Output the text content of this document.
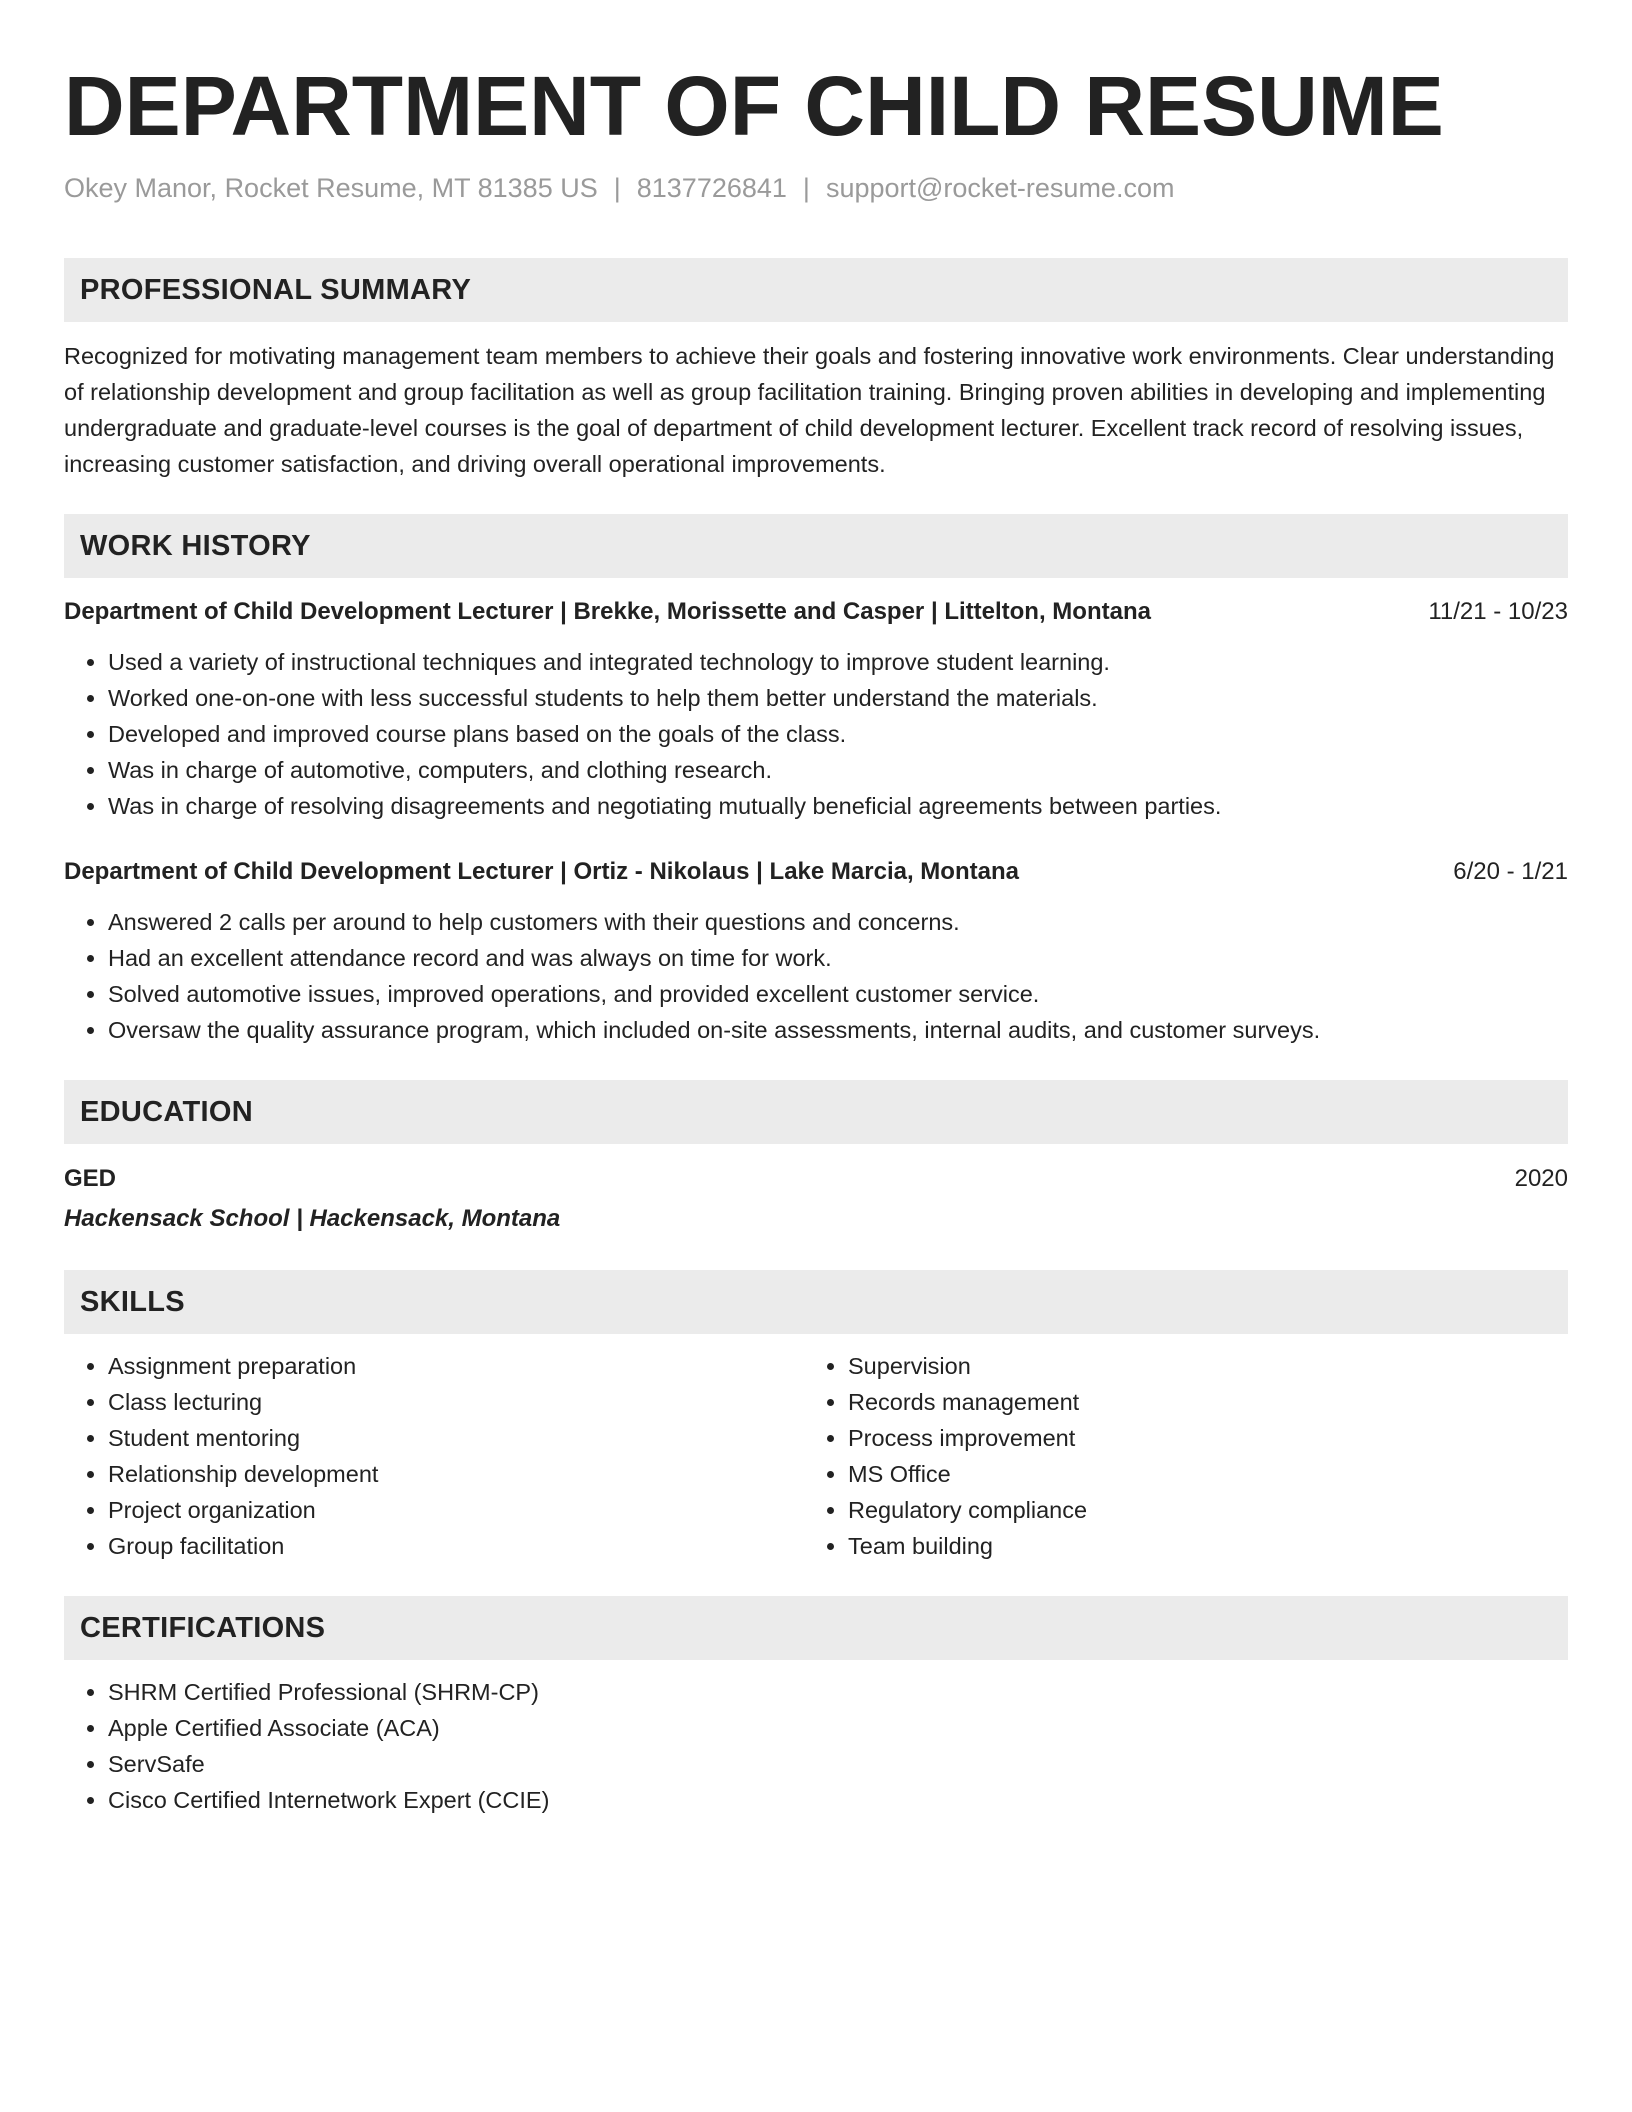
DEPARTMENT OF CHILD RESUME
Okey Manor, Rocket Resume, MT 81385 US | 8137726841 | support@rocket-resume.com
PROFESSIONAL SUMMARY

Recognized for motivating management team members to achieve their goals and fostering innovative work environments. Clear understanding of relationship development and group facilitation as well as group facilitation training. Bringing proven abilities in developing and implementing undergraduate and graduate-level courses is the goal of department of child development lecturer. Excellent track record of resolving issues, increasing customer satisfaction, and driving overall operational improvements.

WORK HISTORY
Department of Child Development Lecturer | Brekke, Morissette and Casper | Littelton, Montana	11/21 - 10/23
• Used a variety of instructional techniques and integrated technology to improve student learning.
• Worked one-on-one with less successful students to help them better understand the materials.
• Developed and improved course plans based on the goals of the class.
• Was in charge of automotive, computers, and clothing research.
• Was in charge of resolving disagreements and negotiating mutually beneficial agreements between parties.
Department of Child Development Lecturer | Ortiz - Nikolaus | Lake Marcia, Montana	6/20 - 1/21
• Answered 2 calls per around to help customers with their questions and concerns.
• Had an excellent attendance record and was always on time for work.
• Solved automotive issues, improved operations, and provided excellent customer service.
• Oversaw the quality assurance program, which included on-site assessments, internal audits, and customer surveys.
EDUCATION
GED	2020
Hackensack School | Hackensack, Montana
SKILLS
• Assignment preparation
• Class lecturing
• Student mentoring
• Relationship development
• Project organization
• Group facilitation
• Supervision
• Records management
• Process improvement
• MS Office
• Regulatory compliance
• Team building
CERTIFICATIONS
• SHRM Certified Professional (SHRM-CP)
• Apple Certified Associate (ACA)
• ServSafe
• Cisco Certified Internetwork Expert (CCIE)
